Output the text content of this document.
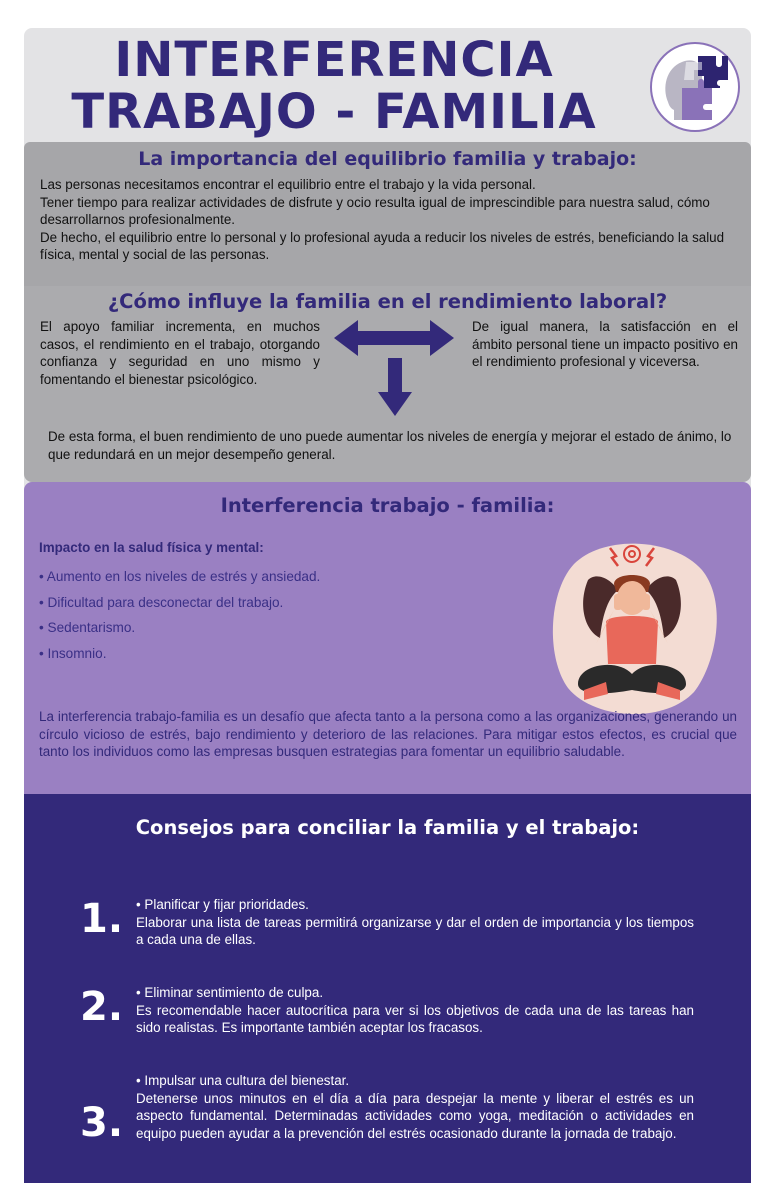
INTERFERENCIA
TRABAJO - FAMILIA
La importancia del equilibrio familia y trabajo:

Las personas necesitamos encontrar el equilibrio entre el trabajo y la vida personal.
Tener tiempo para realizar actividades de disfrute y ocio resulta igual de imprescindible para nuestra salud, cómo desarrollarnos profesionalmente.
De hecho, el equilibrio entre lo personal y lo profesional ayuda a reducir los niveles de estrés, beneficiando la salud física, mental y social de las personas.

¿Cómo influye la familia en el rendimiento laboral?

El apoyo familiar incrementa, en muchos casos, el rendimiento en el trabajo, otorgando confianza y seguridad en uno mismo y fomentando el bienestar psicológico.

De igual manera, la satisfacción en el ámbito personal tiene un impacto positivo en el rendimiento profesional y viceversa.

De esta forma, el buen rendimiento de uno puede aumentar los niveles de energía y mejorar el estado de ánimo, lo que redundará en un mejor desempeño general.

Interferencia trabajo - familia:

Impacto en la salud física y mental:

• Aumento en los niveles de estrés y ansiedad.
• Dificultad para desconectar del trabajo.
• Sedentarismo.
• Insomnio.

La interferencia trabajo-familia es un desafío que afecta tanto a la persona como a las organizaciones, generando un círculo vicioso de estrés, bajo rendimiento y deterioro de las relaciones. Para mitigar estos efectos, es crucial que tanto los individuos como las empresas busquen estrategias para fomentar un equilibrio saludable.

Consejos para conciliar la familia y el trabajo:
1. • Planificar y fijar prioridades.
Elaborar una lista de tareas permitirá organizarse y dar el orden de importancia y los tiempos a cada una de ellas.

2. • Eliminar sentimiento de culpa.
Es recomendable hacer autocrítica para ver si los objetivos de cada una de las tareas han sido realistas. Es importante también aceptar los fracasos.

3.

• Impulsar una cultura del bienestar.
Detenerse unos minutos en el día a día para despejar la mente y liberar el estrés es un aspecto fundamental. Determinadas actividades como yoga, meditación o actividades en equipo pueden ayudar a la prevención del estrés ocasionado durante la jornada de trabajo.
